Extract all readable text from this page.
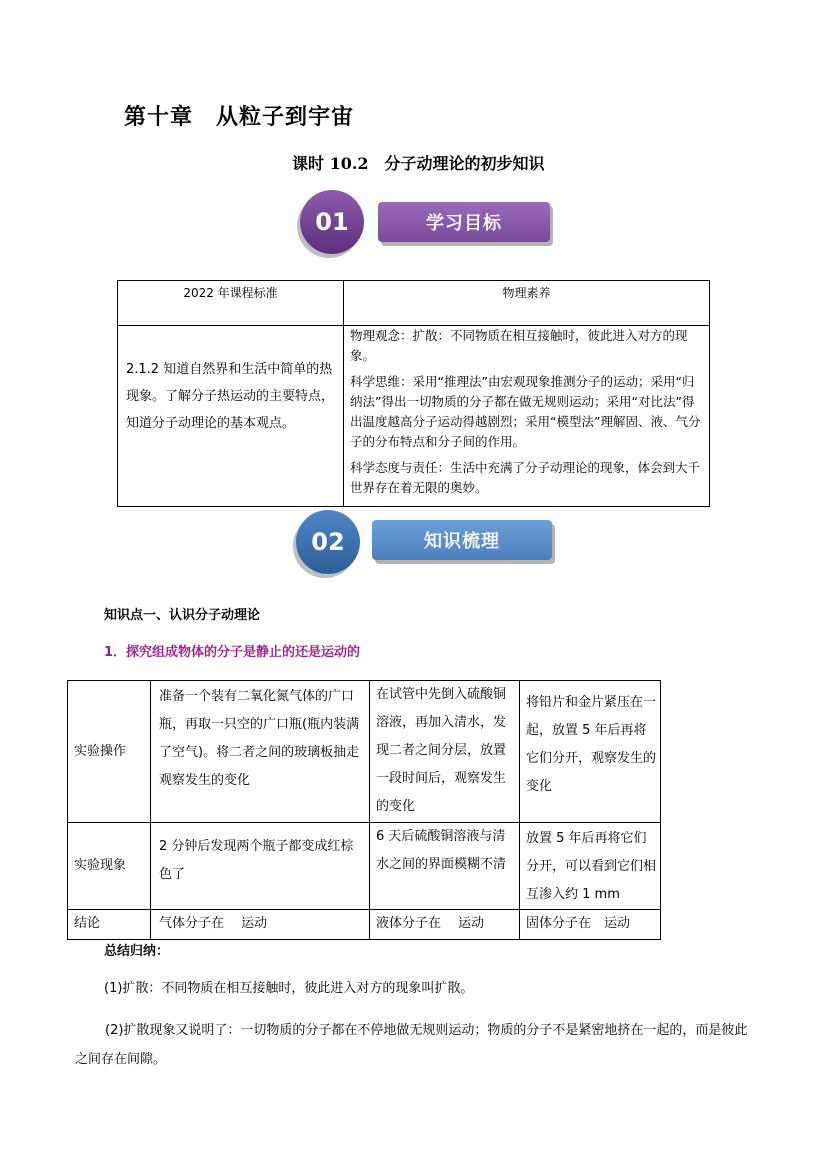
第十章　从粒子到宇宙
课时 10.2　分子动理论的初步知识
01	学习目标
2022 年课程标准	物理素养
2.1.2 知道自然界和生活中简单的热现象。了解分子热运动的主要特点，知道分子动理论的基本观点。	物理观念：扩散：不同物质在相互接触时，彼此进入对方的现象。

科学思维：采用“推理法”由宏观现象推测分子的运动；采用“归纳法”得出一切物质的分子都在做无规则运动；采用“对比法”得出温度越高分子运动得越剧烈；采用“模型法”理解固、液、气分子的分布特点和分子间的作用。

科学态度与责任：生活中充满了分子动理论的现象，体会到大千世界存在着无限的奥妙。

02	知识梳理
知识点一、认识分子动理论
1．探究组成物体的分子是静止的还是运动的
实验操作	准备一个装有二氧化氮气体的广口瓶，再取一只空的广口瓶(瓶内装满了空气)。将二者之间的玻璃板抽走观察发生的变化	在试管中先倒入硫酸铜溶液，再加入清水，发现二者之间分层，放置一段时间后，观察发生的变化	将铅片和金片紧压在一起，放置 5 年后再将它们分开，观察发生的变化
实验现象	2 分钟后发现两个瓶子都变成红棕色了	6 天后硫酸铜溶液与清水之间的界面模糊不清	放置 5 年后再将它们分开，可以看到它们相互渗入约 1 mm
结论	气体分子在　 运动	液体分子在　 运动	固体分子在　运动
总结归纳：
(1)扩散：不同物质在相互接触时，彼此进入对方的现象叫扩散。
(2)扩散现象又说明了：一切物质的分子都在不停地做无规则运动；物质的分子不是紧密地挤在一起的，而是彼此之间存在间隙。
